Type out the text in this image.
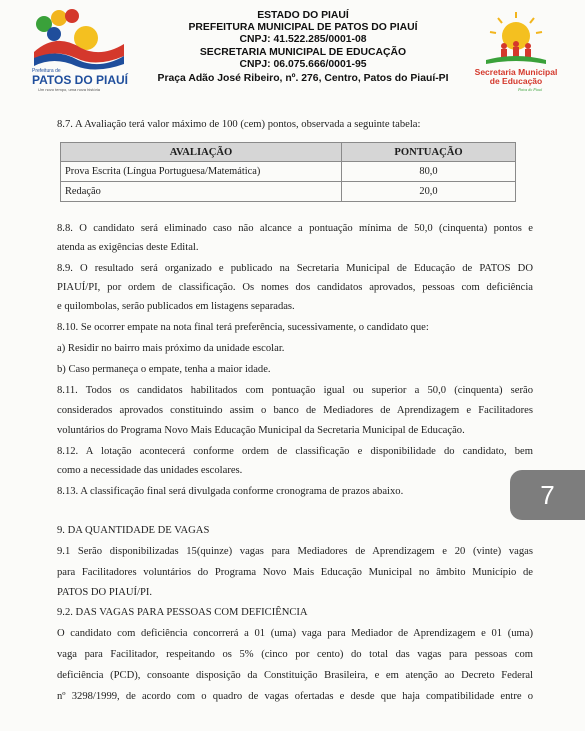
Prefeitura de
PATOS DO PIAUÍ
Um novo tempo, uma nova história
ESTADO DO PIAUÍ
PREFEITURA MUNICIPAL DE PATOS DO PIAUÍ
CNPJ: 41.522.285/0001-08
SECRETARIA MUNICIPAL DE EDUCAÇÃO
CNPJ: 06.075.666/0001-95
Praça Adão José Ribeiro, nº. 276, Centro, Patos do Piauí-PI
Secretaria Municipal
de Educação
Patos do Piauí
8.7. A Avaliação terá valor máximo de 100 (cem) pontos, observada a seguinte tabela:
AVALIAÇÃO	PONTUAÇÃO
Prova Escrita (Língua Portuguesa/Matemática)	80,0
Redação	20,0
8.8. O candidato será eliminado caso não alcance a pontuação mínima de 50,0 (cinquenta) pontos e
atenda as exigências deste Edital.
8.9. O resultado será organizado e publicado na Secretaria Municipal de Educação de PATOS DO
PIAUÍ/PI, por ordem de classificação. Os nomes dos candidatos aprovados, pessoas com deficiência
e quilombolas, serão publicados em listagens separadas.
8.10. Se ocorrer empate na nota final terá preferência, sucessivamente, o candidato que:
a) Residir no bairro mais próximo da unidade escolar.
b) Caso permaneça o empate, tenha a maior idade.
8.11. Todos os candidatos habilitados com pontuação igual ou superior a 50,0 (cinquenta) serão
considerados aprovados constituindo assim o banco de Mediadores de Aprendizagem e Facilitadores
voluntários do Programa Novo Mais Educação Municipal da Secretaria Municipal de Educação.
8.12. A lotação acontecerá conforme ordem de classificação e disponibilidade do candidato, bem
como a necessidade das unidades escolares.
8.13. A classificação final será divulgada conforme cronograma de prazos abaixo.
9. DA QUANTIDADE DE VAGAS
9.1 Serão disponibilizadas 15(quinze) vagas para Mediadores de Aprendizagem e 20 (vinte) vagas
para Facilitadores voluntários do Programa Novo Mais Educação Municipal no âmbito Município de
PATOS DO PIAUÍ/PI.
9.2. DAS VAGAS PARA PESSOAS COM DEFICIÊNCIA
O candidato com deficiência concorrerá a 01 (uma) vaga para Mediador de Aprendizagem e 01 (uma)
vaga para Facilitador, respeitando os 5% (cinco por cento) do total das vagas para pessoas com
deficiência (PCD), consoante disposição da Constituição Brasileira, e em atenção ao Decreto Federal
nº 3298/1999, de acordo com o quadro de vagas ofertadas e desde que haja compatibilidade entre o
7
